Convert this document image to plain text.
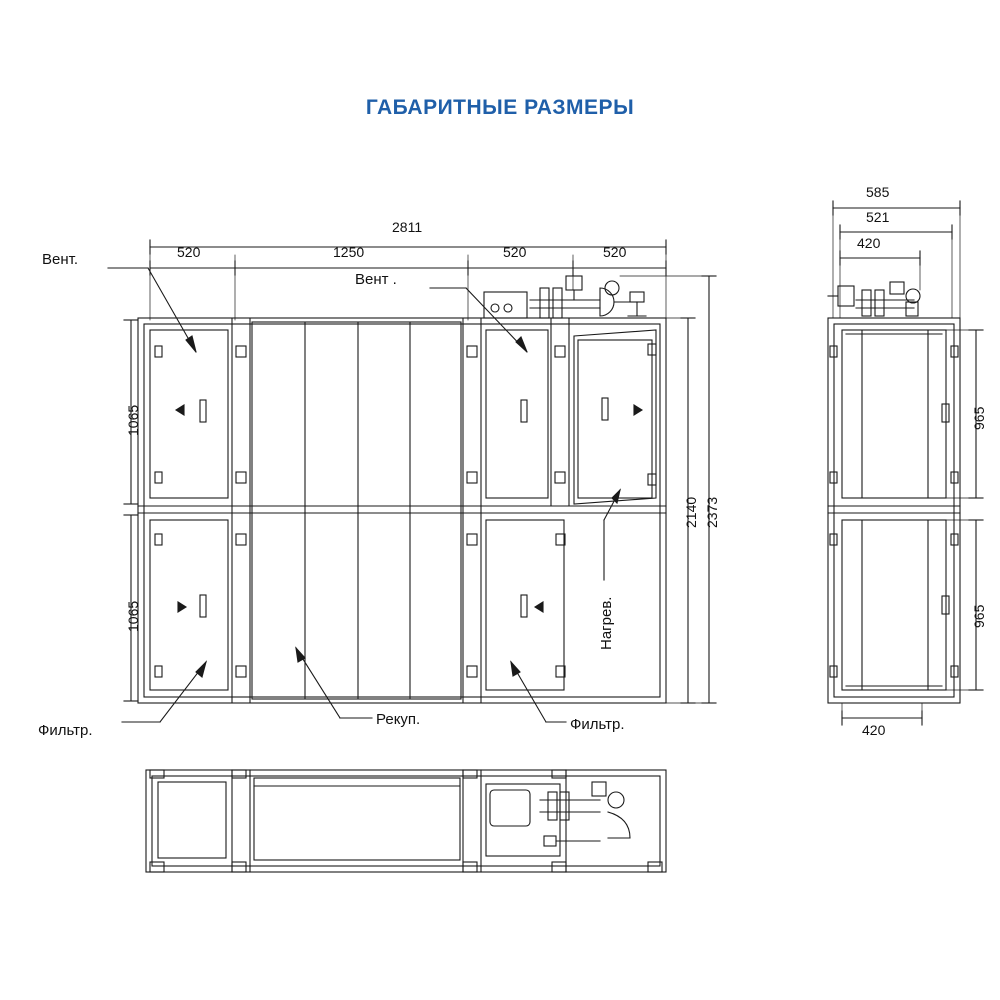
ГАБАРИТНЫЕ РАЗМЕРЫ
2811
520	1250	520	520
1065
1065
2140 2373
Вент.
Вент .
Нагрев.
Фильтр.
Рекуп.	Фильтр.
585
521
420
965
965
420
